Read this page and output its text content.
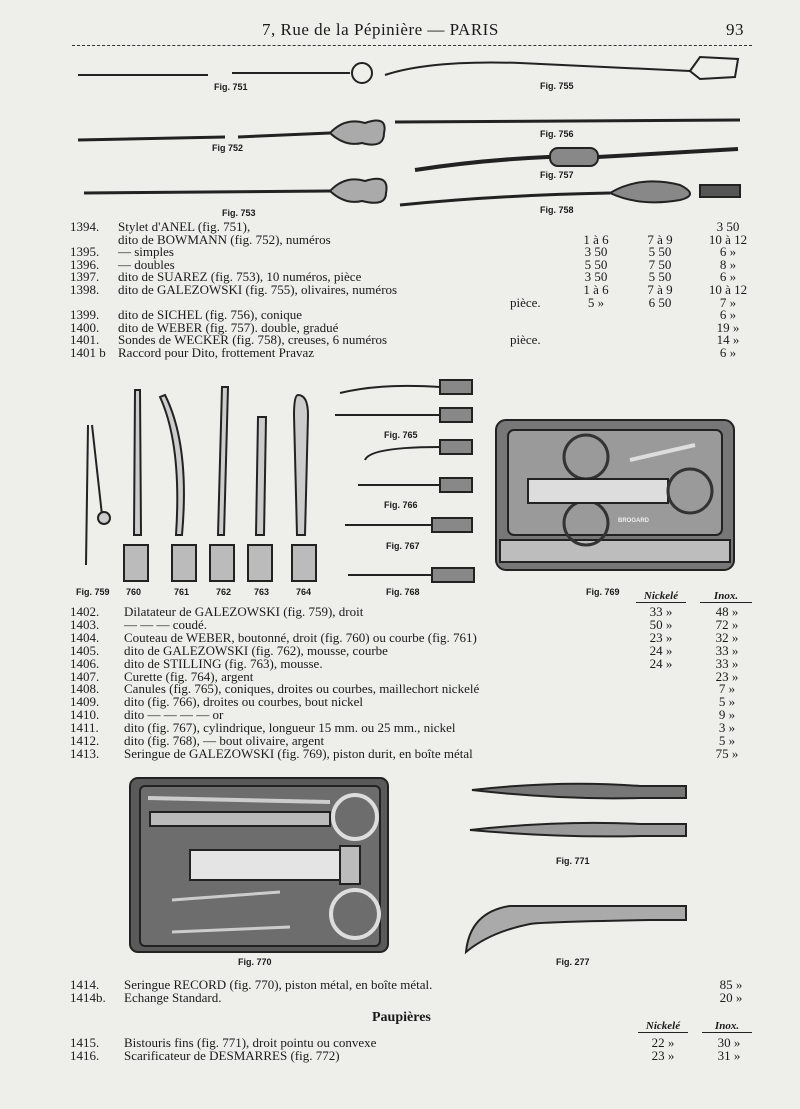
7, Rue de la Pépinière — PARIS	93
Fig. 751	Fig. 755
Fig. 756
Fig 752
Fig. 757
Fig. 753	Fig. 758
1394. Stylet d'ANEL (fig. 751),	3 50
dito de BOWMANN (fig. 752), numéros	1 à 6	7 à 9	10 à 12
1395. — simples	3 50	5 50	6 »
1396. — doubles	5 50	7 50	8 »
1397. dito de SUAREZ (fig. 753), 10 numéros, pièce	3 50	5 50	6 »
1398. dito de GALEZOWSKI (fig. 755), olivaires, numéros	1 à 6	7 à 9	10 à 12
pièce.	5 »	6 50	7 »
1399. dito de SICHEL (fig. 756), conique	6 »
1400. dito de WEBER (fig. 757). double, gradué	19 »
1401. Sondes de WECKER (fig. 758), creuses, 6 numéros	pièce.	14 »
1401 b Raccord pour Dito, frottement Pravaz	6 »
Fig. 765
Fig. 766
Fig. 767
Fig. 759 760	761	762	763	764	Fig. 768	Fig. 769
BROGARD
Nickelé	Inox.
1402. Dilatateur de GALEZOWSKI (fig. 759), droit	33 »	48 »
1403. — — — coudé.	50 »	72 »
1404. Couteau de WEBER, boutonné, droit (fig. 760) ou courbe (fig. 761)	23 »	32 »
1405. dito de GALEZOWSKI (fig. 762), mousse, courbe	24 »	33 »
1406. dito de STILLING (fig. 763), mousse.	24 »	33 »
1407. Curette (fig. 764), argent	23 »
1408. Canules (fig. 765), coniques, droites ou courbes, maillechort nickelé	7 »
1409. dito (fig. 766), droites ou courbes, bout nickel	5 »
1410. dito — — — — or	9 »
1411. dito (fig. 767), cylindrique, longueur 15 mm. ou 25 mm., nickel	3 »
1412. dito (fig. 768), — bout olivaire, argent	5 »
1413. Seringue de GALEZOWSKI (fig. 769), piston durit, en boîte métal	75 »
Fig. 771
Fig. 770	Fig. 277
1414. Seringue RECORD (fig. 770), piston métal, en boîte métal.	85 »
1414b. Echange Standard.	20 »
Paupières
Nickelé	Inox.
1415. Bistouris fins (fig. 771), droit pointu ou convexe	22 »	30 »
1416. Scarificateur de DESMARRES (fig. 772)	23 »	31 »
